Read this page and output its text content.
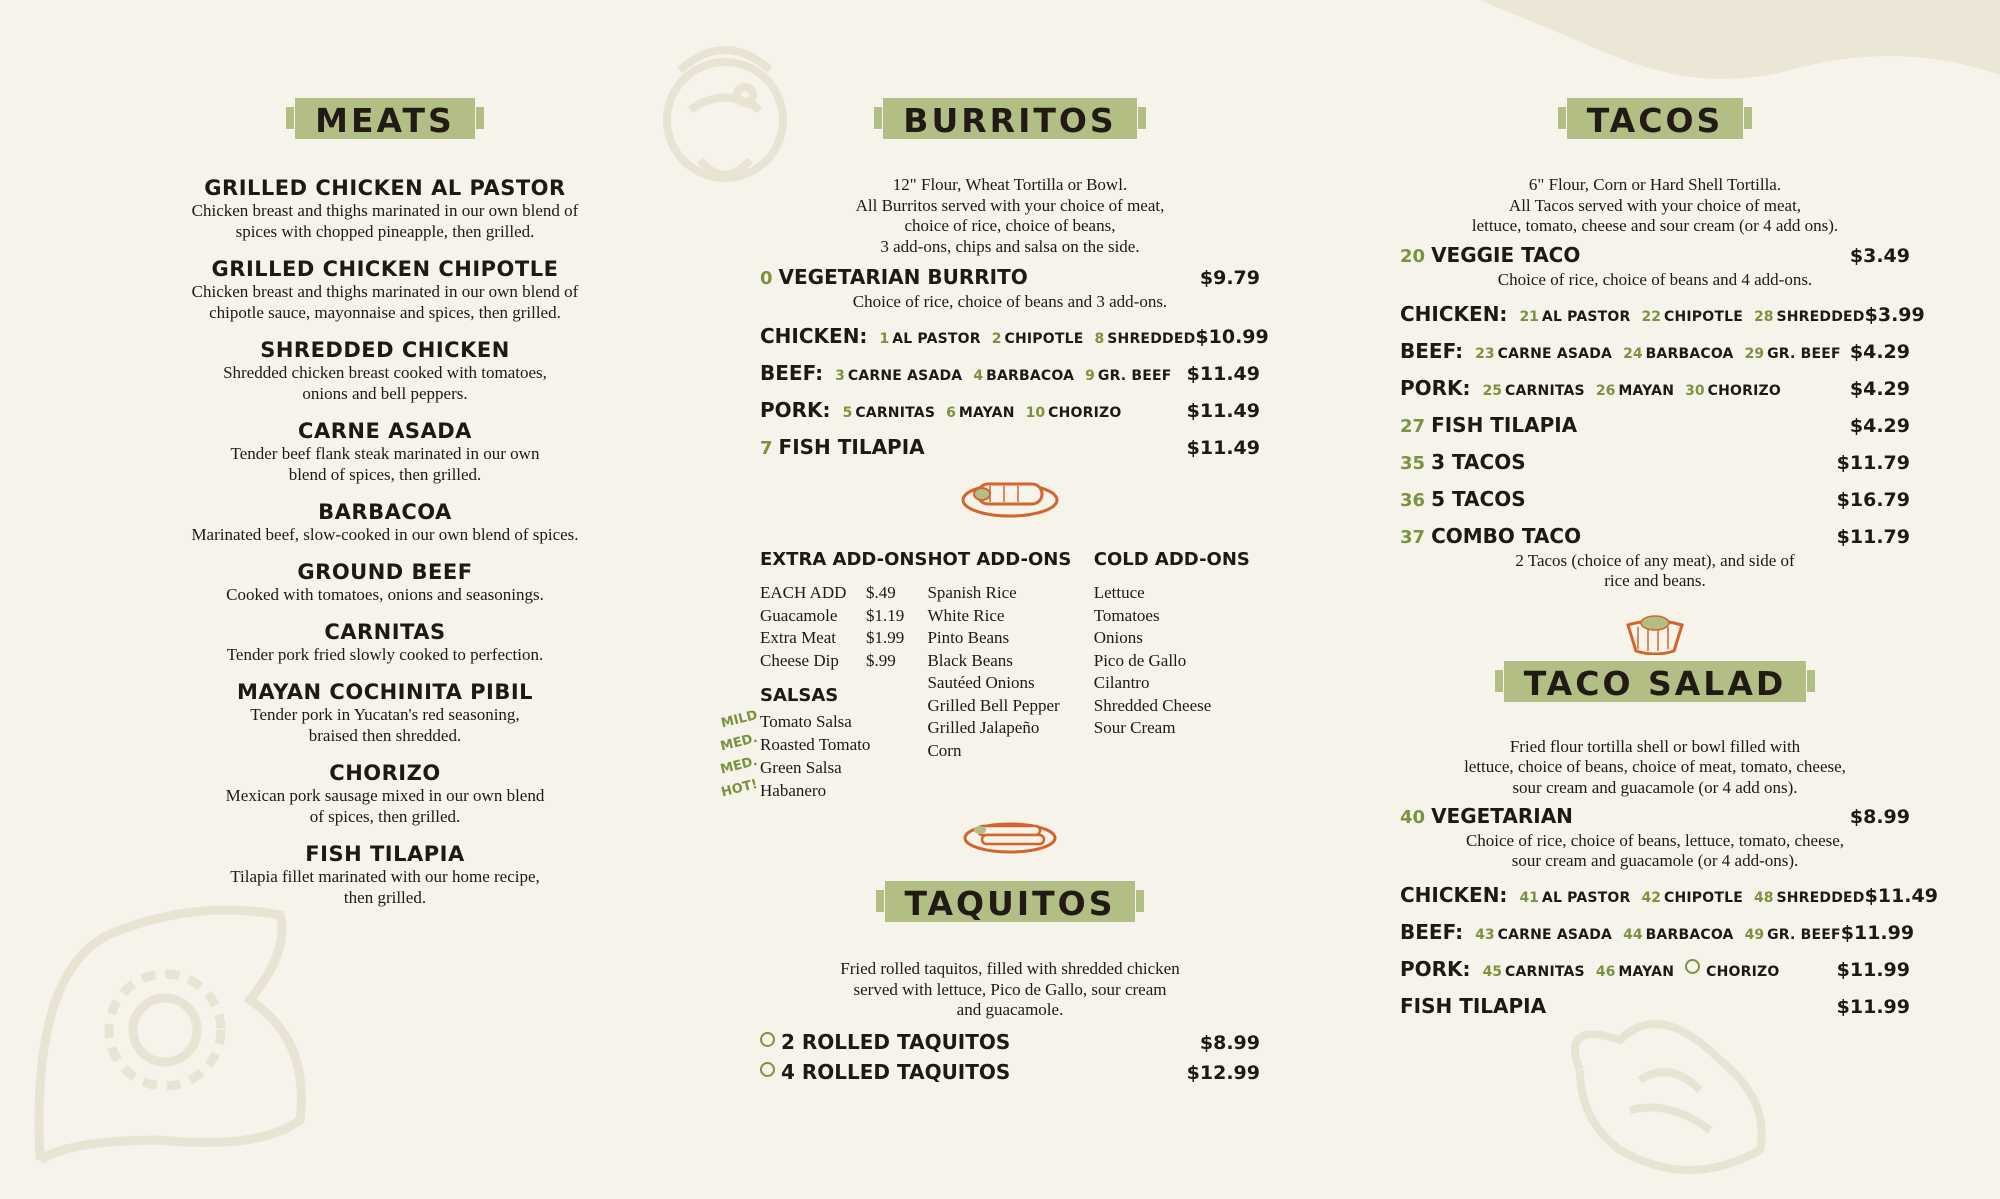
MEATS
GRILLED CHICKEN AL PASTOR
Chicken breast and thighs marinated in our own blend of
spices with chopped pineapple, then grilled.
GRILLED CHICKEN CHIPOTLE
Chicken breast and thighs marinated in our own blend of
chipotle sauce, mayonnaise and spices, then grilled.
SHREDDED CHICKEN
Shredded chicken breast cooked with tomatoes,
onions and bell peppers.
CARNE ASADA
Tender beef flank steak marinated in our own
blend of spices, then grilled.
BARBACOA
Marinated beef, slow-cooked in our own blend of spices.
GROUND BEEF
Cooked with tomatoes, onions and seasonings.
CARNITAS
Tender pork fried slowly cooked to perfection.
MAYAN COCHINITA PIBIL
Tender pork in Yucatan's red seasoning,
braised then shredded.
CHORIZO
Mexican pork sausage mixed in our own blend
of spices, then grilled.
FISH TILAPIA
Tilapia fillet marinated with our home recipe,
then grilled.
BURRITOS
12" Flour, Wheat Tortilla or Bowl.
All Burritos served with your choice of meat,
choice of rice, choice of beans,
3 add-ons, chips and salsa on the side.
0 VEGETARIAN BURRITO	$9.79
Choice of rice, choice of beans and 3 add-ons.
CHICKEN: 1 AL PASTOR 2 CHIPOTLE 8 SHREDDED $10.99
BEEF: 3 CARNE ASADA 4 BARBACOA 9 GR. BEEF $11.49
PORK: 5 CARNITAS 6 MAYAN 10 CHORIZO	$11.49
7 FISH TILAPIA	$11.49
EXTRA ADD-ONS
EACH ADD	$.49
Guacamole	$1.19
Extra Meat	$1.99
Cheese Dip	$.99
SALSAS
MILD Tomato Salsa
MED. Roasted Tomato
MED. Green Salsa
HOT! Habanero
HOT ADD-ONS
Spanish Rice
White Rice
Pinto Beans
Black Beans
Sautéed Onions
Grilled Bell Pepper
Grilled Jalapeño
Corn
COLD ADD-ONS
Lettuce
Tomatoes
Onions
Pico de Gallo
Cilantro
Shredded Cheese
Sour Cream
TAQUITOS
Fried rolled taquitos, filled with shredded chicken
served with lettuce, Pico de Gallo, sour cream
and guacamole.
2 ROLLED TAQUITOS	$8.99
4 ROLLED TAQUITOS	$12.99
TACOS
6" Flour, Corn or Hard Shell Tortilla.
All Tacos served with your choice of meat,
lettuce, tomato, cheese and sour cream (or 4 add ons).
20 VEGGIE TACO	$3.49
Choice of rice, choice of beans and 4 add-ons.
CHICKEN: 21 AL PASTOR 22 CHIPOTLE 28 SHREDDED $3.99
BEEF: 23 CARNE ASADA 24 BARBACOA 29 GR. BEEF $4.29
PORK: 25 CARNITAS 26 MAYAN 30 CHORIZO	$4.29
27 FISH TILAPIA	$4.29
35 3 TACOS	$11.79
36 5 TACOS	$16.79
37 COMBO TACO	$11.79
2 Tacos (choice of any meat), and side of
rice and beans.
TACO SALAD
Fried flour tortilla shell or bowl filled with
lettuce, choice of beans, choice of meat, tomato, cheese,
sour cream and guacamole (or 4 add ons).
40 VEGETARIAN	$8.99
Choice of rice, choice of beans, lettuce, tomato, cheese,
sour cream and guacamole (or 4 add-ons).
CHICKEN: 41 AL PASTOR 42 CHIPOTLE 48 SHREDDED $11.49
BEEF: 43 CARNE ASADA 44 BARBACOA 49 GR. BEEF $11.99
PORK: 45 CARNITAS 46 MAYAN CHORIZO	$11.99
FISH TILAPIA	$11.99
